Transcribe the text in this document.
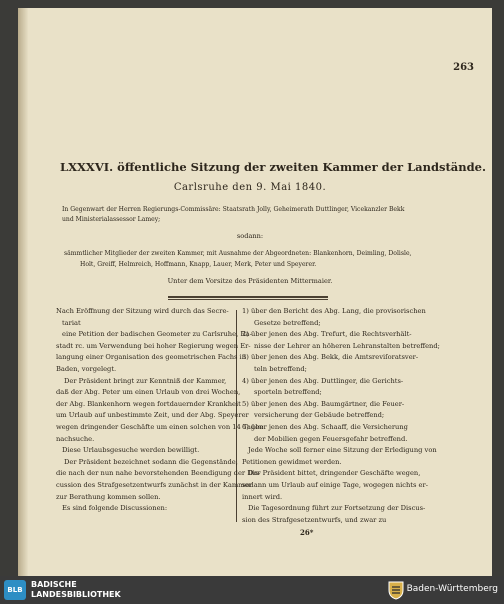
263
LXXXVI. öffentliche Sitzung der zweiten Kammer der Landstände.
Carlsruhe den 9. Mai 1840.
In Gegenwart der Herren Regierungs-Commissäre: Staatsrath Jolly, Geheimerath Duttlinger, Vicekanzler Bekk
und Ministerialassessor Lamey;
sodann:
sämmtlicher Mitglieder der zweiten Kammer, mit Ausnahme der Abgeordneten: Blankenhorn, Deimling, Dolisle,
Holt, Greiff, Helmreich, Hoffmann, Knapp, Lauer, Merk, Peter und Speyerer.
Unter dem Vorsitze des Präsidenten Mittermaier.
Nach Eröffnung der Sitzung wird durch das Secre-
tariat
eine Petition der badischen Geometer zu Carlsruhe, Ra-
stadt rc. um Verwendung bei hoher Regierung wegen Er-
langung einer Organisation des geometrischen Fachs in
Baden, vorgelegt.
Der Präsident bringt zur Kenntniß der Kammer,
daß der Abg. Peter um einen Urlaub von drei Wochen,
der Abg. Blankenhorn wegen fortdauernder Krankheit
um Urlaub auf unbestimmte Zeit, und der Abg. Speyerer
wegen dringender Geschäfte um einen solchen von 14 Tagen
nachsuche.
Diese Urlaubsgesuche werden bewilligt.
Der Präsident bezeichnet sodann die Gegenstände,
die nach der nun nahe bevorstehenden Beendigung der Dis-
cussion des Strafgesetzentwurfs zunächst in der Kammer
zur Berathung kommen sollen.
Es sind folgende Discussionen:
1) über den Bericht des Abg. Lang, die provisorischen
Gesetze betreffend;
2) über jenen des Abg. Trefurt, die Rechtsverhält-
nisse der Lehrer an höheren Lehranstalten betreffend;
3) über jenen des Abg. Bekk, die Amtsreviſoratsver-
teln betreffend;
4) über jenen des Abg. Duttlinger, die Gerichts-
sporteln betreffend;
5) über jenen des Abg. Baumgärtner, die Feuer-
versicherung der Gebäude betreffend;
6) über jenen des Abg. Schaaff, die Versicherung
der Mobilien gegen Feuersgefahr betreffend.
Jede Woche soll ferner eine Sitzung der Erledigung von
Petitionen gewidmet werden.
Der Präsident bittet, dringender Geschäfte wegen,
sodann um Urlaub auf einige Tage, wogegen nichts er-
innert wird.
Die Tagesordnung führt zur Fortsetzung der Discus-
sion des Strafgesetzentwurfs, und zwar zu
26*
BLB
BADISCHE
LANDESBIBLIOTHEK
Baden-Württemberg
